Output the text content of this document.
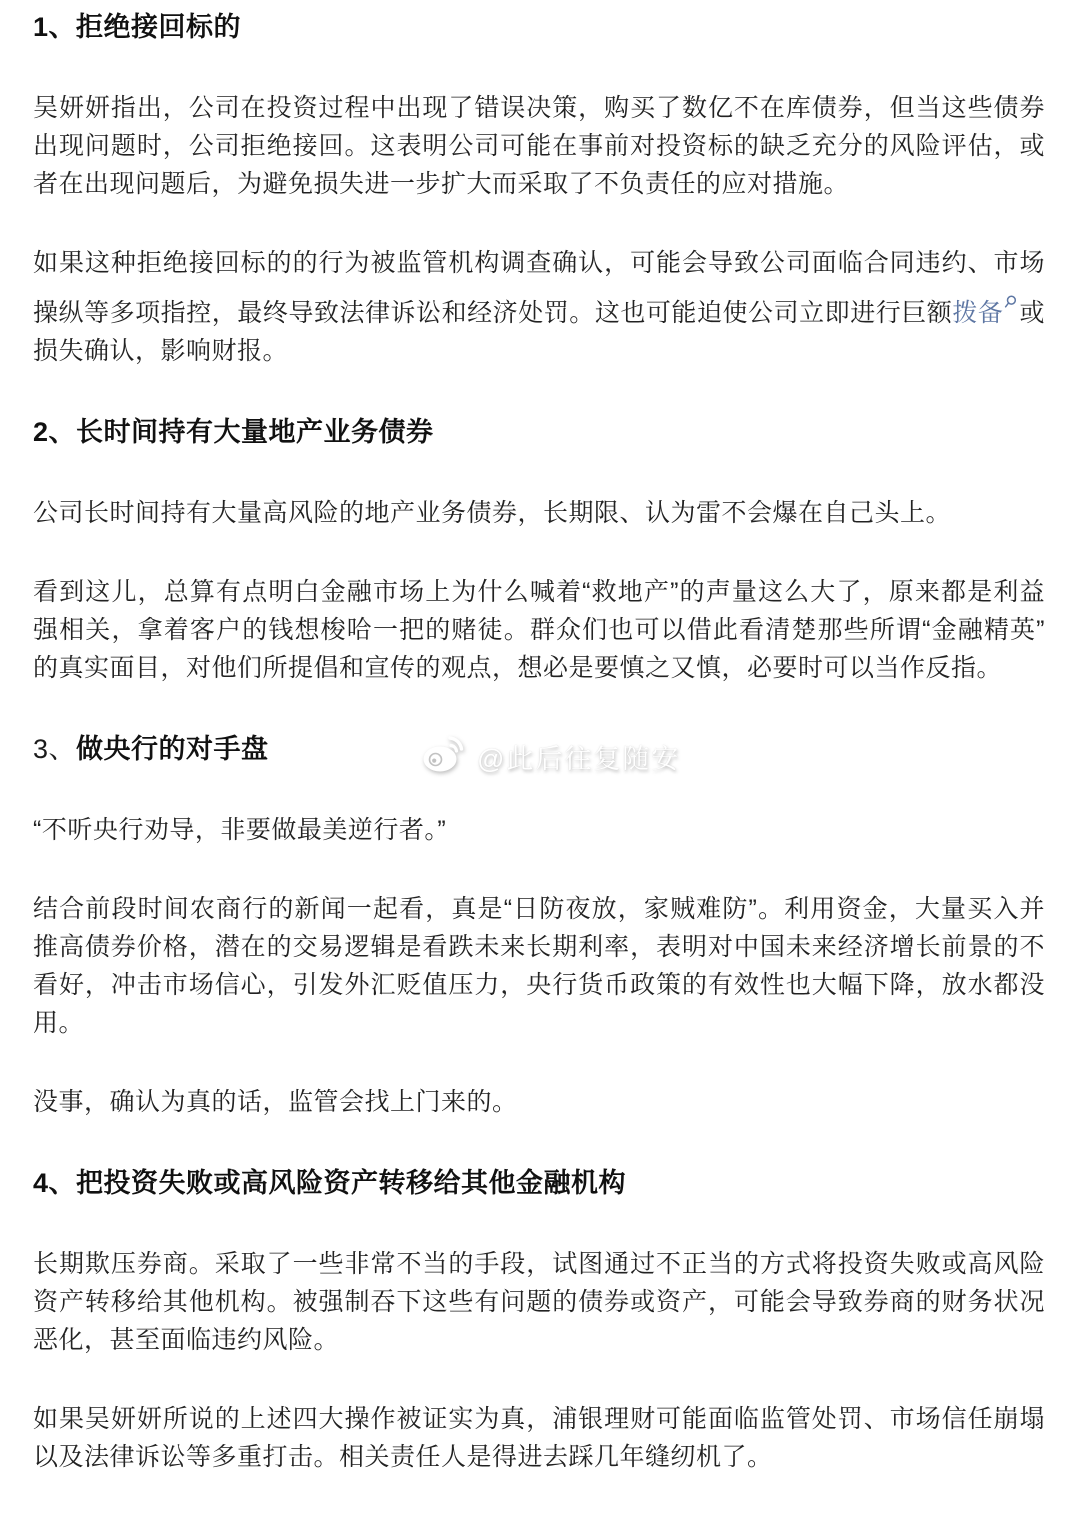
1、拒绝接回标的

吴妍妍指出，公司在投资过程中出现了错误决策，购买了数亿不在库债券，但当这些债券出现问题时，公司拒绝接回。这表明公司可能在事前对投资标的缺乏充分的风险评估，或者在出现问题后，为避免损失进一步扩大而采取了不负责任的应对措施。

如果这种拒绝接回标的的行为被监管机构调查确认，可能会导致公司面临合同违约、市场操纵等多项指控，最终导致法律诉讼和经济处罚。这也可能迫使公司立即进行巨额拨备 或损失确认，影响财报。

2、长时间持有大量地产业务债券

公司长时间持有大量高风险的地产业务债券，长期限、认为雷不会爆在自己头上。

看到这儿，总算有点明白金融市场上为什么喊着“救地产”的声量这么大了，原来都是利益强相关，拿着客户的钱想梭哈一把的赌徒。群众们也可以借此看清楚那些所谓“金融精英”的真实面目，对他们所提倡和宣传的观点，想必是要慎之又慎，必要时可以当作反指。

3、做央行的对手盘

“不听央行劝导，非要做最美逆行者。”

结合前段时间农商行的新闻一起看，真是“日防夜放，家贼难防”。利用资金，大量买入并推高债券价格，潜在的交易逻辑是看跌未来长期利率，表明对中国未来经济增长前景的不看好，冲击市场信心，引发外汇贬值压力，央行货币政策的有效性也大幅下降，放水都没用。

没事，确认为真的话，监管会找上门来的。

4、把投资失败或高风险资产转移给其他金融机构

长期欺压券商。采取了一些非常不当的手段，试图通过不正当的方式将投资失败或高风险资产转移给其他机构。被强制吞下这些有问题的债券或资产，可能会导致券商的财务状况恶化，甚至面临违约风险。

如果吴妍妍所说的上述四大操作被证实为真，浦银理财可能面临监管处罚、市场信任崩塌以及法律诉讼等多重打击。相关责任人是得进去踩几年缝纫机了。

@此后往复随安
